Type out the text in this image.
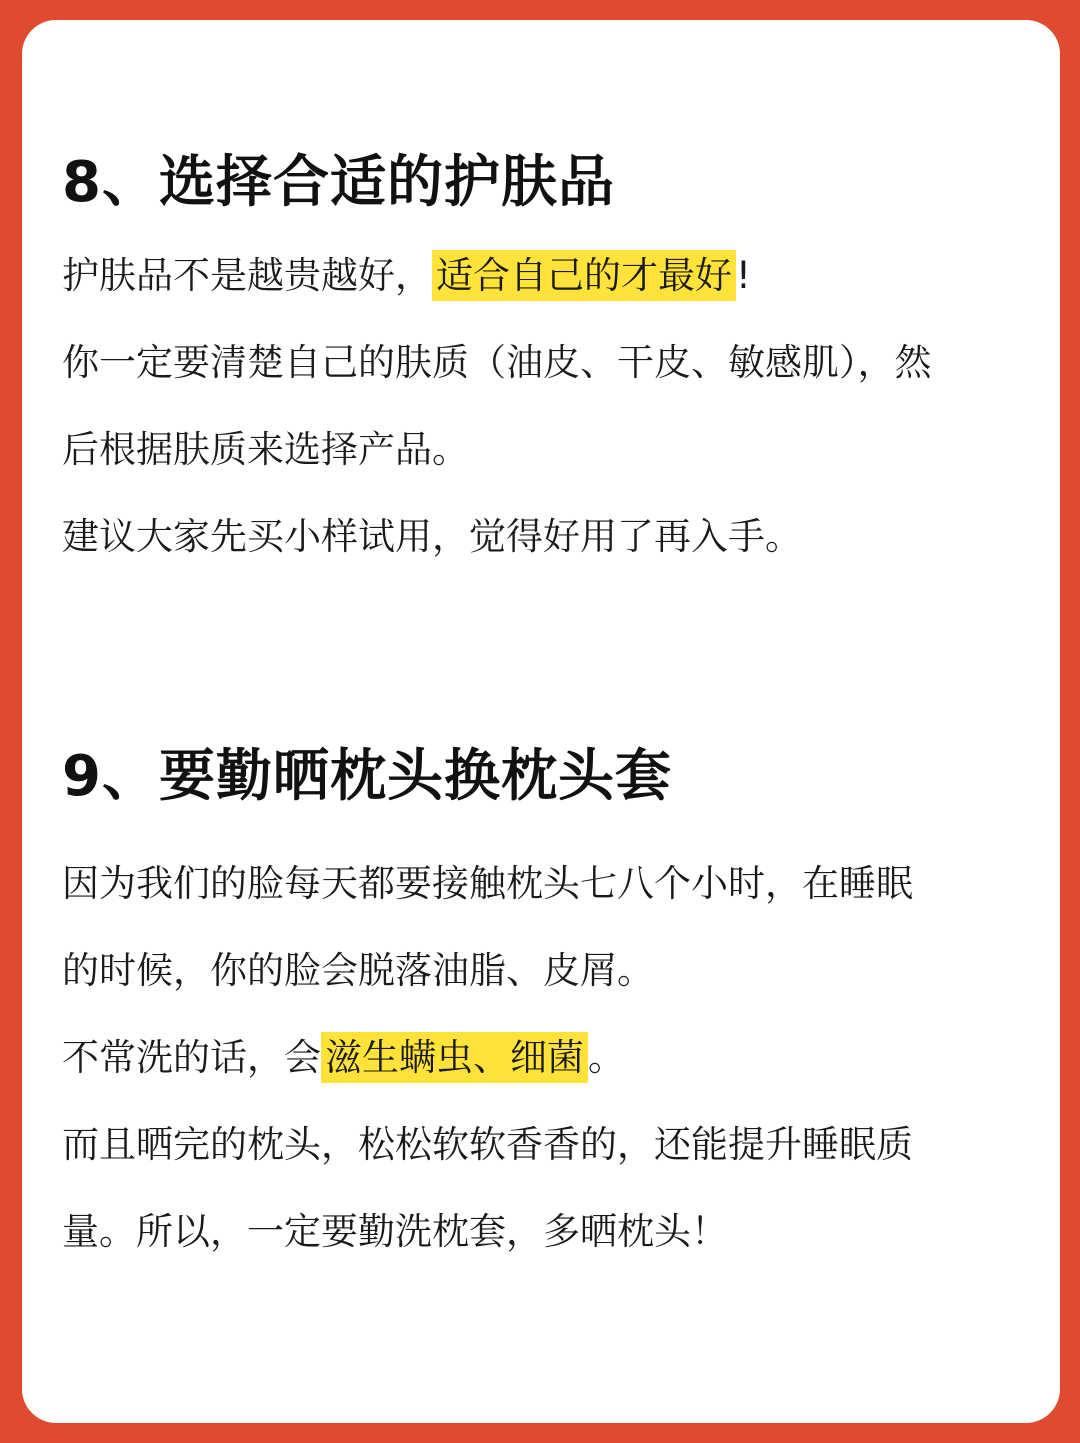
8、选择合适的护肤品

护肤品不是越贵越好， 适合自己的才最好 !

你一定要清楚自己的肤质（油皮、干皮、敏感肌），然

后根据肤质来选择产品。

建议大家先买小样试用，觉得好用了再入手。

9、要勤晒枕头换枕头套

因为我们的脸每天都要接触枕头七八个小时，在睡眠

的时候，你的脸会脱落油脂、皮屑。

不常洗的话，会 滋生螨虫、细菌 。

而且晒完的枕头，松松软软香香的，还能提升睡眠质

量。所以，一定要勤洗枕套，多晒枕头！
